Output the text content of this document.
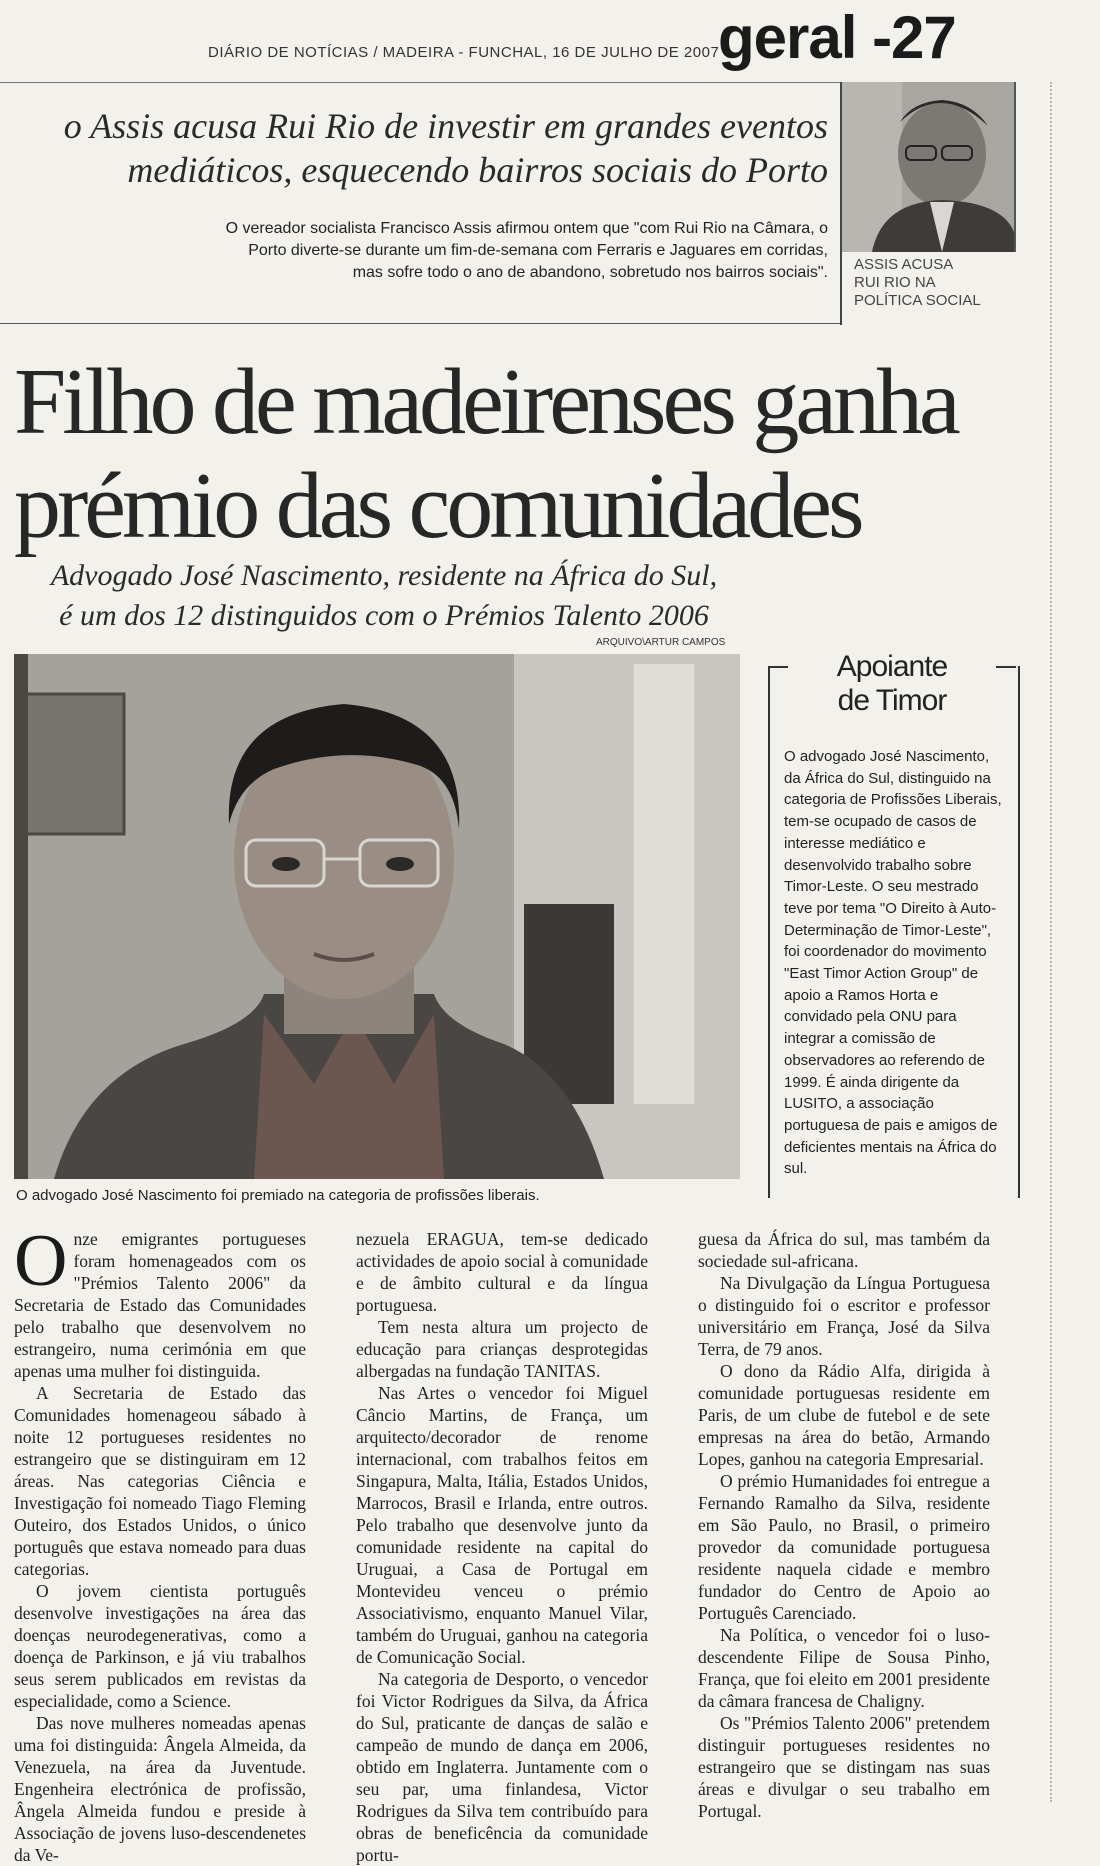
DIÁRIO DE NOTÍCIAS / MADEIRA - FUNCHAL, 16 DE JULHO DE 2007
geral -27
o Assis acusa Rui Rio de investir em grandes eventos
mediáticos, esquecendo bairros sociais do Porto
O vereador socialista Francisco Assis afirmou ontem que "com Rui Rio na Câmara, o
Porto diverte-se durante um fim-de-semana com Ferraris e Jaguares em corridas,
mas sofre todo o ano de abandono, sobretudo nos bairros sociais". ASSIS ACUSA
RUI RIO NA
POLÍTICA SOCIAL
Filho de madeirenses ganha
prémio das comunidades
Advogado José Nascimento, residente na África do Sul,
é um dos 12 distinguidos com o Prémios Talento 2006
ARQUIVO\ARTUR CAMPOS
O advogado José Nascimento foi premiado na categoria de profissões liberais.
Apoiante
de Timor
O advogado José Nascimento, da África do Sul, distinguido na categoria de Profissões Liberais, tem-se ocupado de casos de interesse mediático e desenvolvido trabalho sobre Timor-Leste. O seu mestrado teve por tema "O Direito à Auto-Determinação de Timor-Leste", foi coordenador do movimento "East Timor Action Group" de apoio a Ramos Horta e convidado pela ONU para integrar a comissão de observadores ao referendo de 1999. É ainda dirigente da LUSITO, a associação portuguesa de pais e amigos de deficientes mentais na África do sul.

Onze emigrantes portugueses foram homenageados com os "Prémios Talento 2006" da Secretaria de Estado das Comunidades pelo trabalho que desenvolvem no estrangeiro, numa cerimónia em que apenas uma mulher foi distinguida.

A Secretaria de Estado das Comunidades homenageou sábado à noite 12 portugueses residentes no estrangeiro que se distinguiram em 12 áreas. Nas categorias Ciência e Investigação foi nomeado Tiago Fleming Outeiro, dos Estados Unidos, o único português que estava nomeado para duas categorias.

O jovem cientista português desenvolve investigações na área das doenças neurodegenerativas, como a doença de Parkinson, e já viu trabalhos seus serem publicados em revistas da especialidade, como a Science.

Das nove mulheres nomeadas apenas uma foi distinguida: Ângela Almeida, da Venezuela, na área da Juventude. Engenheira electrónica de profissão, Ângela Almeida fundou e preside à Associação de jovens luso-descendenetes da Ve-

nezuela ERAGUA, tem-se dedicado actividades de apoio social à comunidade e de âmbito cultural e da língua portuguesa.

Tem nesta altura um projecto de educação para crianças desprotegidas albergadas na fundação TANITAS.

Nas Artes o vencedor foi Miguel Câncio Martins, de França, um arquitecto/decorador de renome internacional, com trabalhos feitos em Singapura, Malta, Itália, Estados Unidos, Marrocos, Brasil e Irlanda, entre outros. Pelo trabalho que desenvolve junto da comunidade residente na capital do Uruguai, a Casa de Portugal em Montevideu venceu o prémio Associativismo, enquanto Manuel Vilar, também do Uruguai, ganhou na categoria de Comunicação Social.

Na categoria de Desporto, o vencedor foi Victor Rodrigues da Silva, da África do Sul, praticante de danças de salão e campeão de mundo de dança em 2006, obtido em Inglaterra. Juntamente com o seu par, uma finlandesa, Victor Rodrigues da Silva tem contribuído para obras de beneficência da comunidade portu-

guesa da África do sul, mas também da sociedade sul-africana.

Na Divulgação da Língua Portuguesa o distinguido foi o escritor e professor universitário em França, José da Silva Terra, de 79 anos.

O dono da Rádio Alfa, dirigida à comunidade portuguesas residente em Paris, de um clube de futebol e de sete empresas na área do betão, Armando Lopes, ganhou na categoria Empresarial.

O prémio Humanidades foi entregue a Fernando Ramalho da Silva, residente em São Paulo, no Brasil, o primeiro provedor da comunidade portuguesa residente naquela cidade e membro fundador do Centro de Apoio ao Português Carenciado.

Na Política, o vencedor foi o luso-descendente Filipe de Sousa Pinho, França, que foi eleito em 2001 presidente da câmara francesa de Chaligny.

Os "Prémios Talento 2006" pretendem distinguir portugueses residentes no estrangeiro que se distingam nas suas áreas e divulgar o seu trabalho em Portugal.
